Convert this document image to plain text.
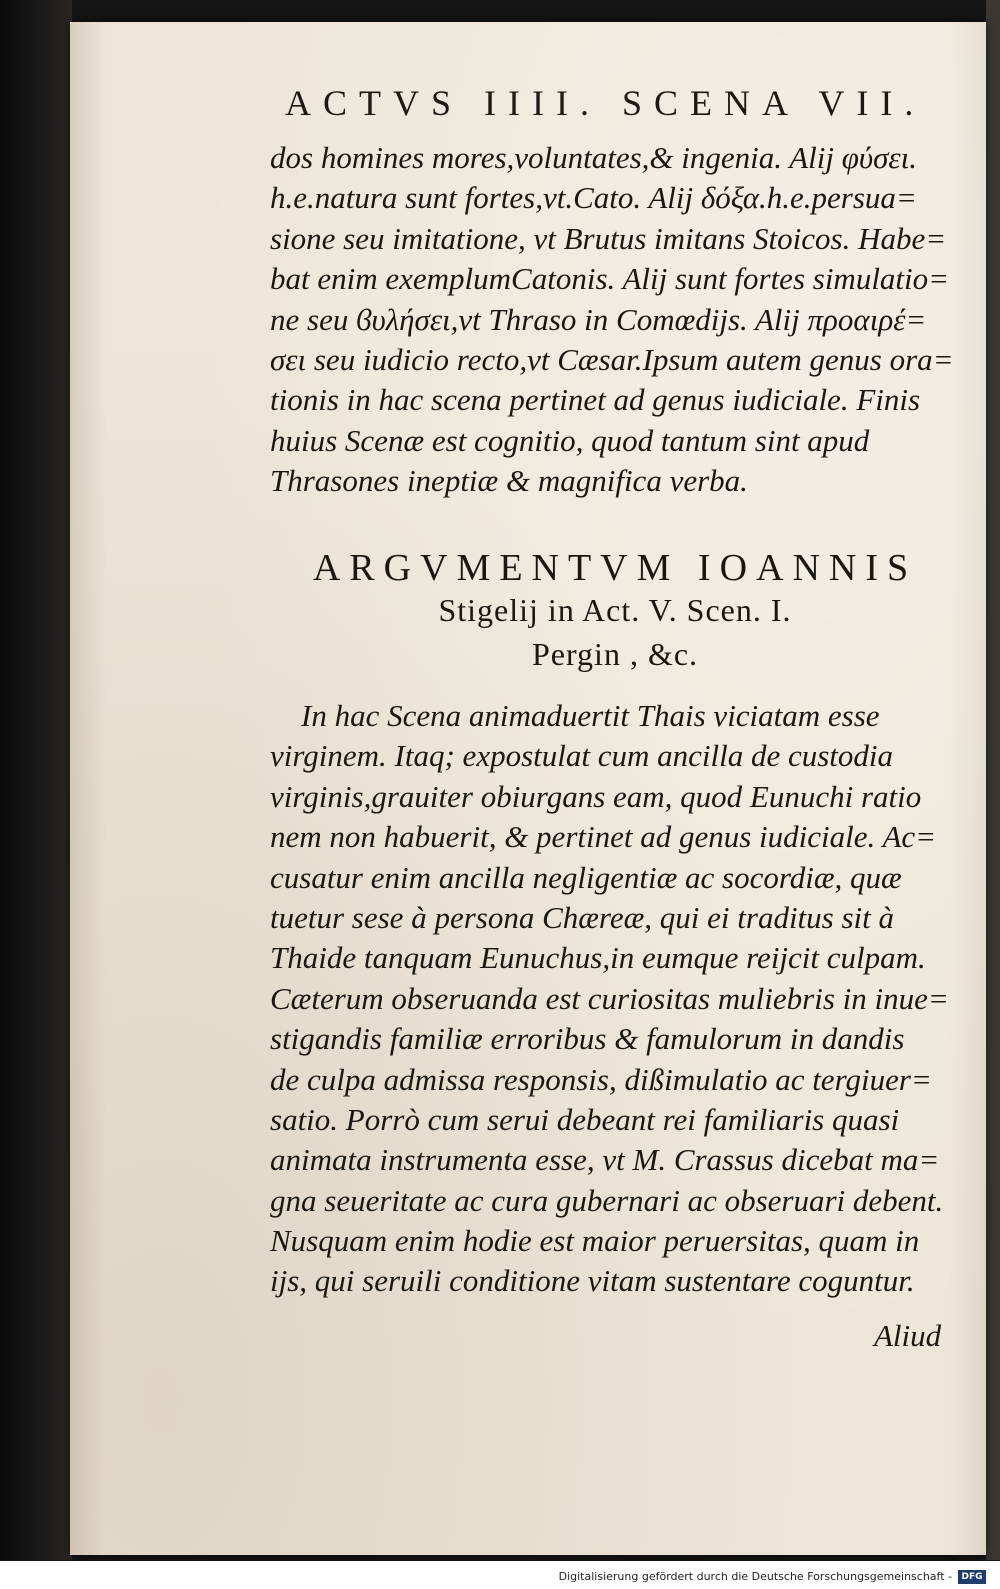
ACTVS IIII. SCENA VII.
dos homines mores,voluntates,& ingenia. Alij φύσει.
h.e.natura sunt fortes,vt.Cato. Alij δόξα.h.e.persua=
sione seu imitatione, vt Brutus imitans Stoicos. Habe=
bat enim exemplumCatonis. Alij sunt fortes simulatio=
ne seu ϐυλήσει,vt Thraso in Comœdijs. Alij προαιρέ=
σει seu iudicio recto,vt Cæsar.Ipsum autem genus ora=
tionis in hac scena pertinet ad genus iudiciale. Finis
huius Scenæ est cognitio, quod tantum sint apud
Thrasones ineptiæ & magnifica verba.
ARGVMENTVM IOANNIS
Stigelij in Act. V. Scen. I.
Pergin , &c.
In hac Scena animaduertit Thais viciatam esse
virginem. Itaq; expostulat cum ancilla de custodia
virginis,grauiter obiurgans eam, quod Eunuchi ratio
nem non habuerit, & pertinet ad genus iudiciale. Ac=
cusatur enim ancilla negligentiæ ac socordiæ, quæ
tuetur sese à persona Chæreæ, qui ei traditus sit à
Thaide tanquam Eunuchus,in eumque reijcit culpam.
Cæterum obseruanda est curiositas muliebris in inue=
stigandis familiæ erroribus & famulorum in dandis
de culpa admissa responsis, dißimulatio ac tergiuer=
satio. Porrò cum serui debeant rei familiaris quasi
animata instrumenta esse, vt M. Crassus dicebat ma=
gna seueritate ac cura gubernari ac obseruari debent.
Nusquam enim hodie est maior peruersitas, quam in
ijs, qui seruili conditione vitam sustentare coguntur.
Aliud
Digitalisierung gefördert durch die Deutsche Forschungsgemeinschaft -	DFG
